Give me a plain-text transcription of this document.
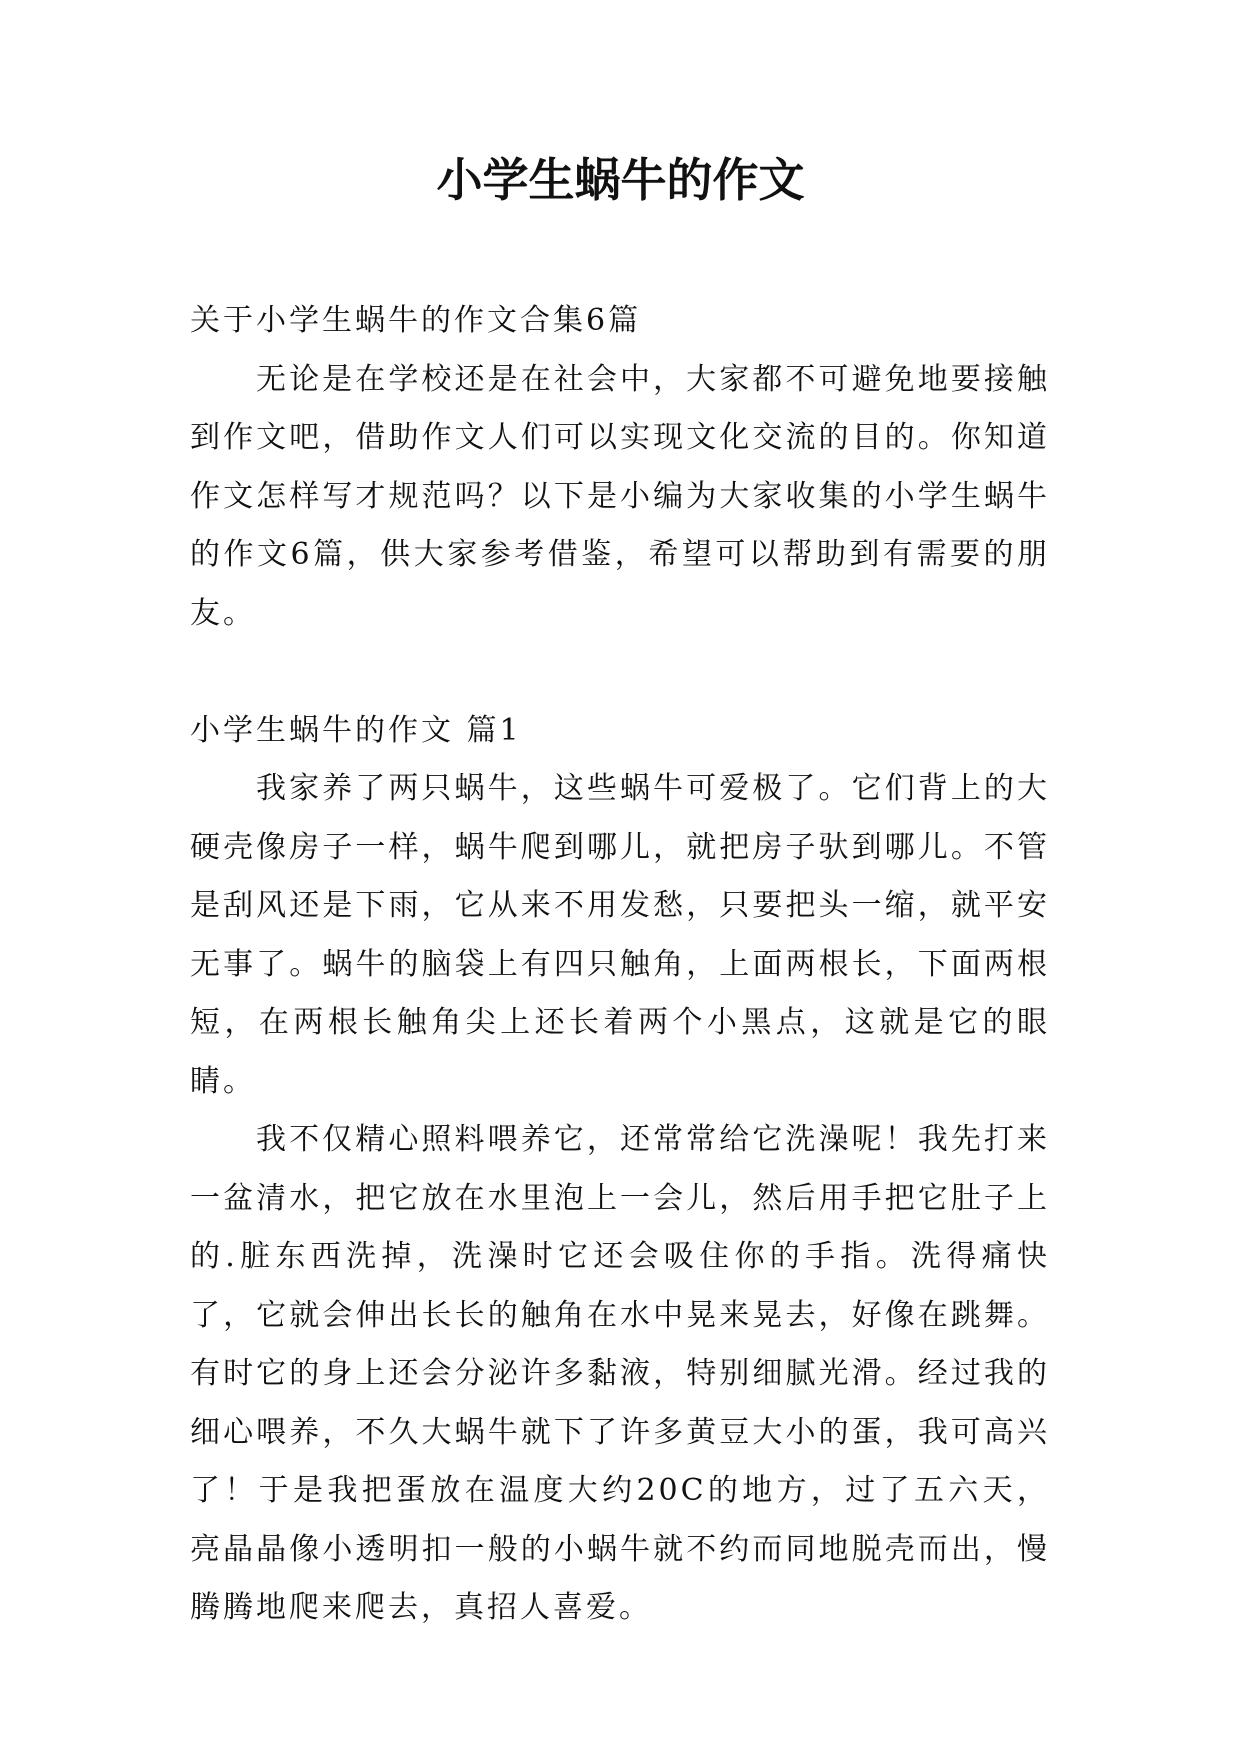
小学生蜗牛的作文

关于小学生蜗牛的作文合集6篇

无论是在学校还是在社会中，大家都不可避免地要接触到作文吧，借助作文人们可以实现文化交流的目的。你知道作文怎样写才规范吗？以下是小编为大家收集的小学生蜗牛的作文6篇，供大家参考借鉴，希望可以帮助到有需要的朋友。

小学生蜗牛的作文 篇1

我家养了两只蜗牛，这些蜗牛可爱极了。它们背上的大硬壳像房子一样，蜗牛爬到哪儿，就把房子驮到哪儿。不管是刮风还是下雨，它从来不用发愁，只要把头一缩，就平安无事了。蜗牛的脑袋上有四只触角，上面两根长，下面两根短，在两根长触角尖上还长着两个小黑点，这就是它的眼睛。

我不仅精心照料喂养它，还常常给它洗澡呢！我先打来一盆清水，把它放在水里泡上一会儿，然后用手把它肚子上的.脏东西洗掉，洗澡时它还会吸住你的手指。洗得痛快了，它就会伸出长长的触角在水中晃来晃去，好像在跳舞。有时它的身上还会分泌许多黏液，特别细腻光滑。经过我的细心喂养，不久大蜗牛就下了许多黄豆大小的蛋，我可高兴了！于是我把蛋放在温度大约20C的地方，过了五六天，亮晶晶像小透明扣一般的小蜗牛就不约而同地脱壳而出，慢腾腾地爬来爬去，真招人喜爱。
